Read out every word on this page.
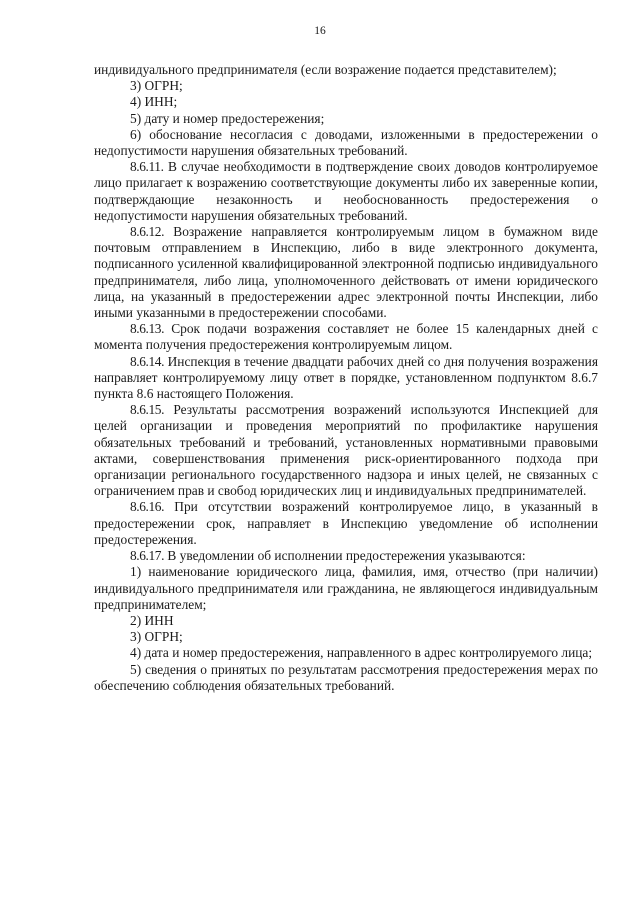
16

индивидуального предпринимателя (если возражение подается представителем);

3) ОГРН;

4) ИНН;

5) дату и номер предостережения;

6) обоснование несогласия с доводами, изложенными в предостережении о недопустимости нарушения обязательных требований.

8.6.11. В случае необходимости в подтверждение своих доводов контролируемое лицо прилагает к возражению соответствующие документы либо их заверенные копии, подтверждающие незаконность и необоснованность предостережения о недопустимости нарушения обязательных требований.

8.6.12. Возражение направляется контролируемым лицом в бумажном виде почтовым отправлением в Инспекцию, либо в виде электронного документа, подписанного усиленной квалифицированной электронной подписью индивидуального предпринимателя, либо лица, уполномоченного действовать от имени юридического лица, на указанный в предостережении адрес электронной почты Инспекции, либо иными указанными в предостережении способами.

8.6.13. Срок подачи возражения составляет не более 15 календарных дней с момента получения предостережения контролируемым лицом.

8.6.14. Инспекция в течение двадцати рабочих дней со дня получения возражения направляет контролируемому лицу ответ в порядке, установленном подпунктом 8.6.7 пункта 8.6 настоящего Положения.

8.6.15. Результаты рассмотрения возражений используются Инспекцией для целей организации и проведения мероприятий по профилактике нарушения обязательных требований и требований, установленных нормативными правовыми актами, совершенствования применения риск-ориентированного подхода при организации регионального государственного надзора и иных целей, не связанных с ограничением прав и свобод юридических лиц и индивидуальных предпринимателей.

8.6.16. При отсутствии возражений контролируемое лицо, в указанный в предостережении срок, направляет в Инспекцию уведомление об исполнении предостережения.

8.6.17. В уведомлении об исполнении предостережения указываются:

1) наименование юридического лица, фамилия, имя, отчество (при наличии) индивидуального предпринимателя или гражданина, не являющегося индивидуальным предпринимателем;

2) ИНН

3) ОГРН;

4) дата и номер предостережения, направленного в адрес контролируемого лица;

5) сведения о принятых по результатам рассмотрения предостережения мерах по обеспечению соблюдения обязательных требований.
